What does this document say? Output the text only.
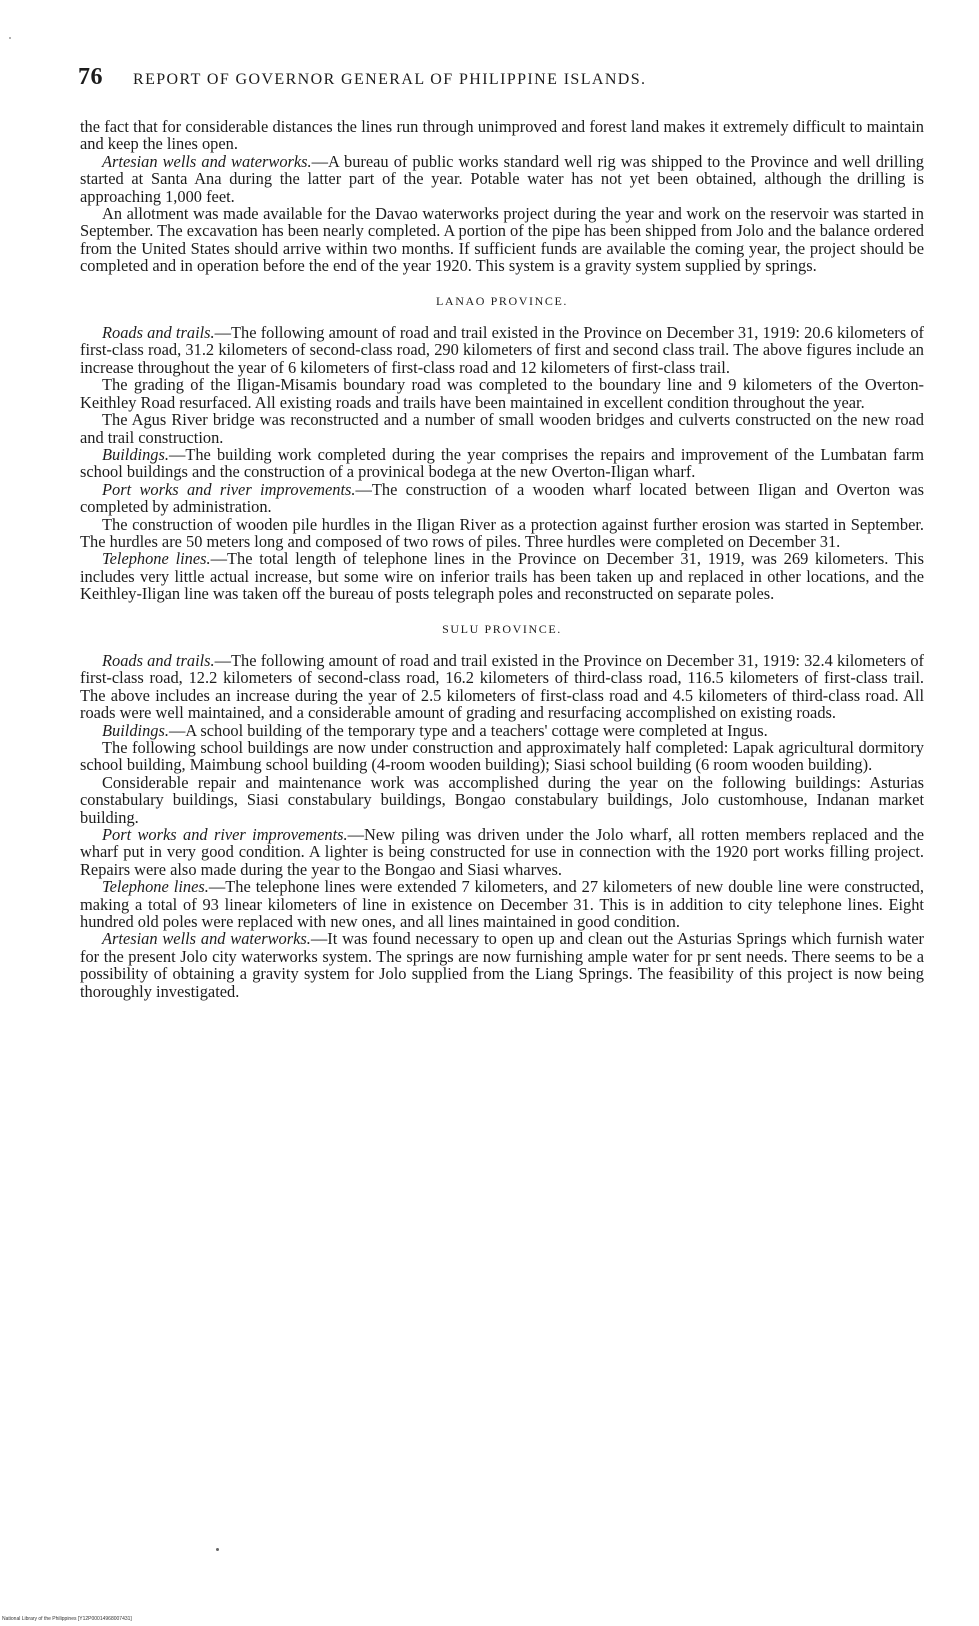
76 REPORT OF GOVERNOR GENERAL OF PHILIPPINE ISLANDS.

the fact that for considerable distances the lines run through unimproved and forest land makes it extremely difficult to maintain and keep the lines open.

Artesian wells and waterworks.—A bureau of public works standard well rig was shipped to the Province and well drilling started at Santa Ana during the latter part of the year. Potable water has not yet been obtained, although the drilling is approaching 1,000 feet.

An allotment was made available for the Davao waterworks project during the year and work on the reservoir was started in September. The excavation has been nearly completed. A portion of the pipe has been shipped from Jolo and the balance ordered from the United States should arrive within two months. If sufficient funds are available the coming year, the project should be completed and in operation before the end of the year 1920. This system is a gravity system supplied by springs.

LANAO PROVINCE.

Roads and trails.—The following amount of road and trail existed in the Province on December 31, 1919: 20.6 kilometers of first-class road, 31.2 kilometers of second-class road, 290 kilometers of first and second class trail. The above figures include an increase throughout the year of 6 kilometers of first-class road and 12 kilometers of first-class trail.

The grading of the Iligan-Misamis boundary road was completed to the boundary line and 9 kilometers of the Overton-Keithley Road resurfaced. All existing roads and trails have been maintained in excellent condition throughout the year.

The Agus River bridge was reconstructed and a number of small wooden bridges and culverts constructed on the new road and trail construction.

Buildings.—The building work completed during the year comprises the repairs and improvement of the Lumbatan farm school buildings and the construction of a provinical bodega at the new Overton-Iligan wharf.

Port works and river improvements.—The construction of a wooden wharf located between Iligan and Overton was completed by administration.

The construction of wooden pile hurdles in the Iligan River as a protection against further erosion was started in September. The hurdles are 50 meters long and composed of two rows of piles. Three hurdles were completed on December 31.

Telephone lines.—The total length of telephone lines in the Province on December 31, 1919, was 269 kilometers. This includes very little actual increase, but some wire on inferior trails has been taken up and replaced in other locations, and the Keithley-Iligan line was taken off the bureau of posts telegraph poles and reconstructed on separate poles.

SULU PROVINCE.

Roads and trails.—The following amount of road and trail existed in the Province on December 31, 1919: 32.4 kilometers of first-class road, 12.2 kilometers of second-class road, 16.2 kilometers of third-class road, 116.5 kilometers of first-class trail. The above includes an increase during the year of 2.5 kilometers of first-class road and 4.5 kilometers of third-class road. All roads were well maintained, and a considerable amount of grading and resurfacing accomplished on existing roads.

Buildings.—A school building of the temporary type and a teachers' cottage were completed at Ingus.

The following school buildings are now under construction and approximately half completed: Lapak agricultural dormitory school building, Maimbung school building (4-room wooden building); Siasi school building (6 room wooden building).

Considerable repair and maintenance work was accomplished during the year on the following buildings: Asturias constabulary buildings, Siasi constabulary buildings, Bongao constabulary buildings, Jolo customhouse, Indanan market building.

Port works and river improvements.—New piling was driven under the Jolo wharf, all rotten members replaced and the wharf put in very good condition. A lighter is being constructed for use in connection with the 1920 port works filling project. Repairs were also made during the year to the Bongao and Siasi wharves.

Telephone lines.—The telephone lines were extended 7 kilometers, and 27 kilometers of new double line were constructed, making a total of 93 linear kilometers of line in existence on December 31. This is in addition to city telephone lines. Eight hundred old poles were replaced with new ones, and all lines maintained in good condition.

Artesian wells and waterworks.—It was found necessary to open up and clean out the Asturias Springs which furnish water for the present Jolo city waterworks system. The springs are now furnishing ample water for pr sent needs. There seems to be a possibility of obtaining a gravity system for Jolo supplied from the Liang Springs. The feasibility of this project is now being thoroughly investigated.

National Library of the Philippines [Y12P00014968007431]
